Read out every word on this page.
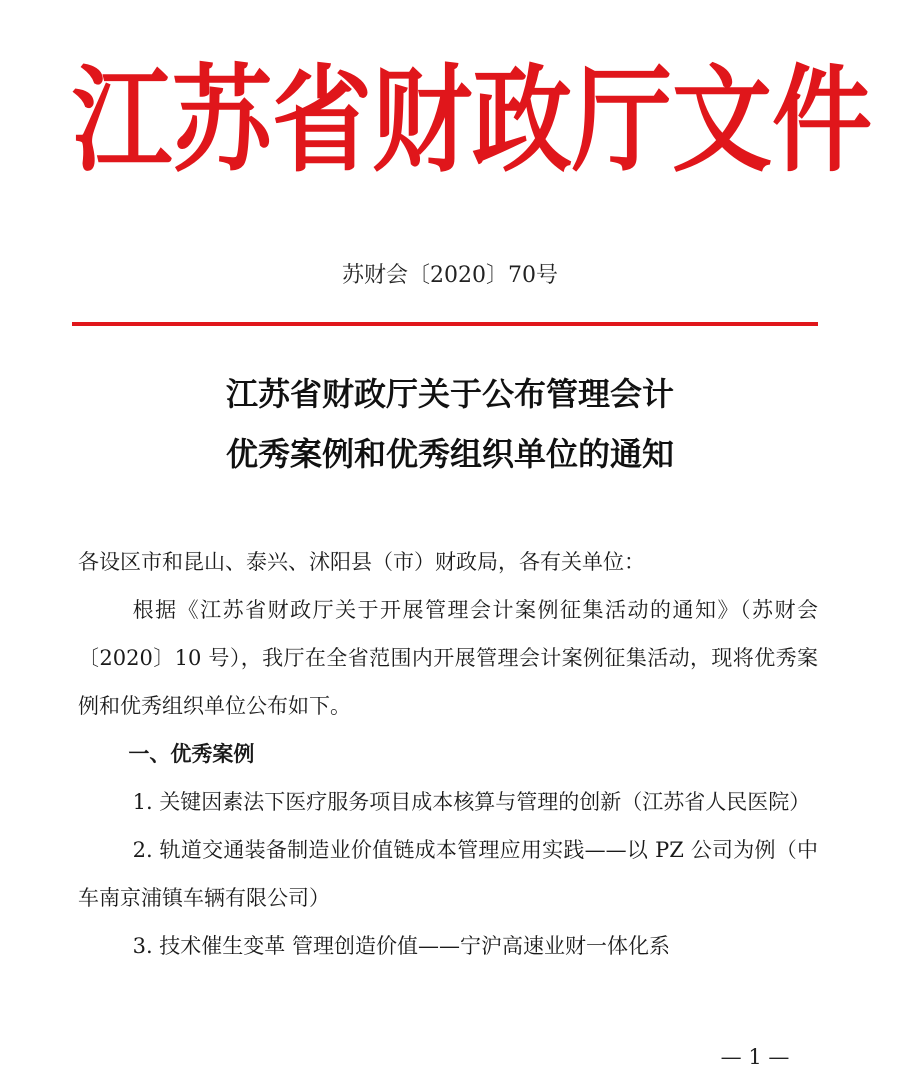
江 苏 省 财 政 厅 文 件
苏财会〔2020〕70号
江苏省财政厅关于公布管理会计
优秀案例和优秀组织单位的通知

各设区市和昆山、泰兴、沭阳县（市）财政局，各有关单位：

根据《江苏省财政厅关于开展管理会计案例征集活动的通知》（苏财会〔2020〕10 号），我厅在全省范围内开展管理会计案例征集活动，现将优秀案例和优秀组织单位公布如下。

一、优秀案例

1. 关键因素法下医疗服务项目成本核算与管理的创新（江苏省人民医院）

2. 轨道交通装备制造业价值链成本管理应用实践——以 PZ 公司为例（中车南京浦镇车辆有限公司）

3. 技术催生变革 管理创造价值——宁沪高速业财一体化系

— 1 —
